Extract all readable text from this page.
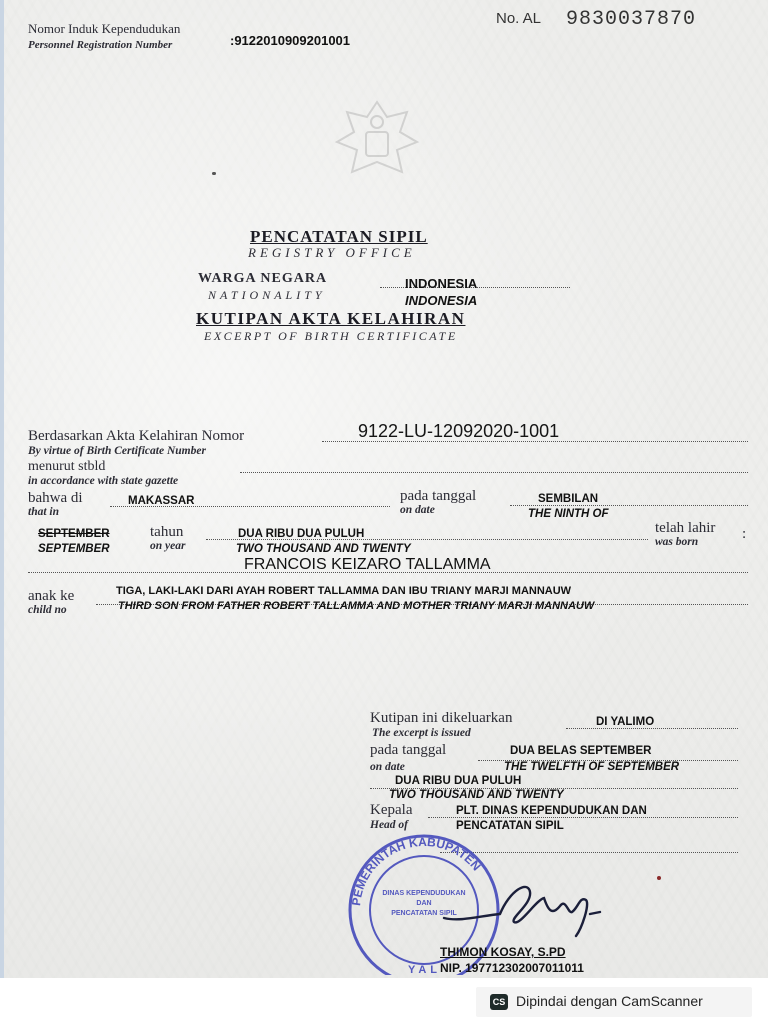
Nomor Induk Kependudukan
Personnel Registration Number	:9122010909201001
No. AL 9830037870
PENCATATAN SIPIL
REGISTRY OFFICE
WARGA NEGARA
NATIONALITY
INDONESIA
INDONESIA
KUTIPAN AKTA KELAHIRAN
EXCERPT OF BIRTH CERTIFICATE
Berdasarkan Akta Kelahiran Nomor
By virtue of Birth Certificate Number
9122-LU-12092020-1001
menurut stbld
in accordance with state gazette
bahwa di
that in
MAKASSAR	pada tanggal
on date
SEMBILAN
THE NINTH OF
SEPTEMBER
SEPTEMBER
tahun
on year
DUA RIBU DUA PULUH
TWO THOUSAND AND TWENTY
telah lahir
was born	:
FRANCOIS KEIZARO TALLAMMA
anak ke
child no
TIGA, LAKI-LAKI DARI AYAH ROBERT TALLAMMA DAN IBU TRIANY MARJI MANNAUW
THIRD SON FROM FATHER ROBERT TALLAMMA AND MOTHER TRIANY MARJI MANNAUW
Kutipan ini dikeluarkan
The excerpt is issued
DI YALIMO
pada tanggal
on date
DUA BELAS SEPTEMBER
THE TWELFTH OF SEPTEMBER
DUA RIBU DUA PULUH
TWO THOUSAND AND TWENTY
Kepala
Head of
PLT. DINAS KEPENDUDUKAN DAN
PENCATATAN SIPIL
PEMERINTAH KABUPATEN
DINAS KEPENDUDUKAN
DAN
PENCATATAN SIPIL
YAL
THIMON KOSAY, S.PD
NIP. 197712302007011011
CS Dipindai dengan CamScanner
